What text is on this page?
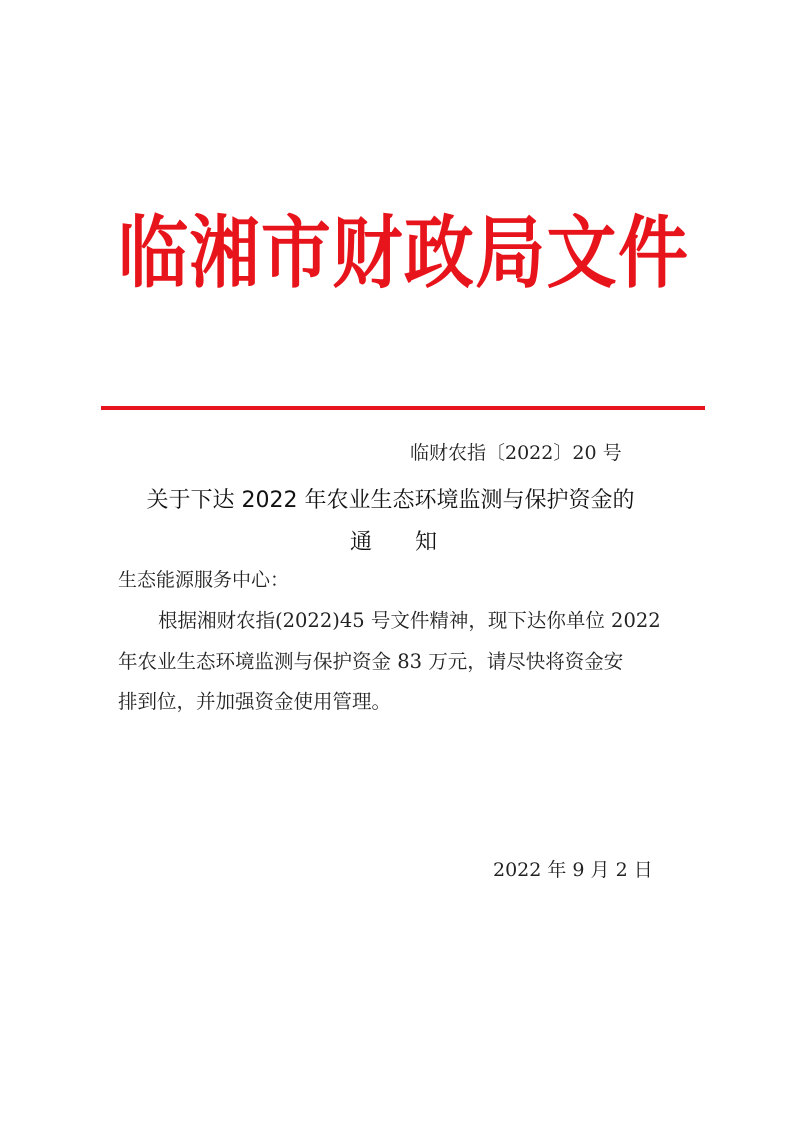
临 湘 市 财 政 局 文 件
临财农指〔2022〕20 号
关于下达 2022 年农业生态环境监测与保护资金的
通 知
生态能源服务中心：
根据湘财农指(2022)45 号文件精神，现下达你单位 2022
年农业生态环境监测与保护资金 83 万元，请尽快将资金安
排到位，并加强资金使用管理。
2022 年 9 月 2 日
